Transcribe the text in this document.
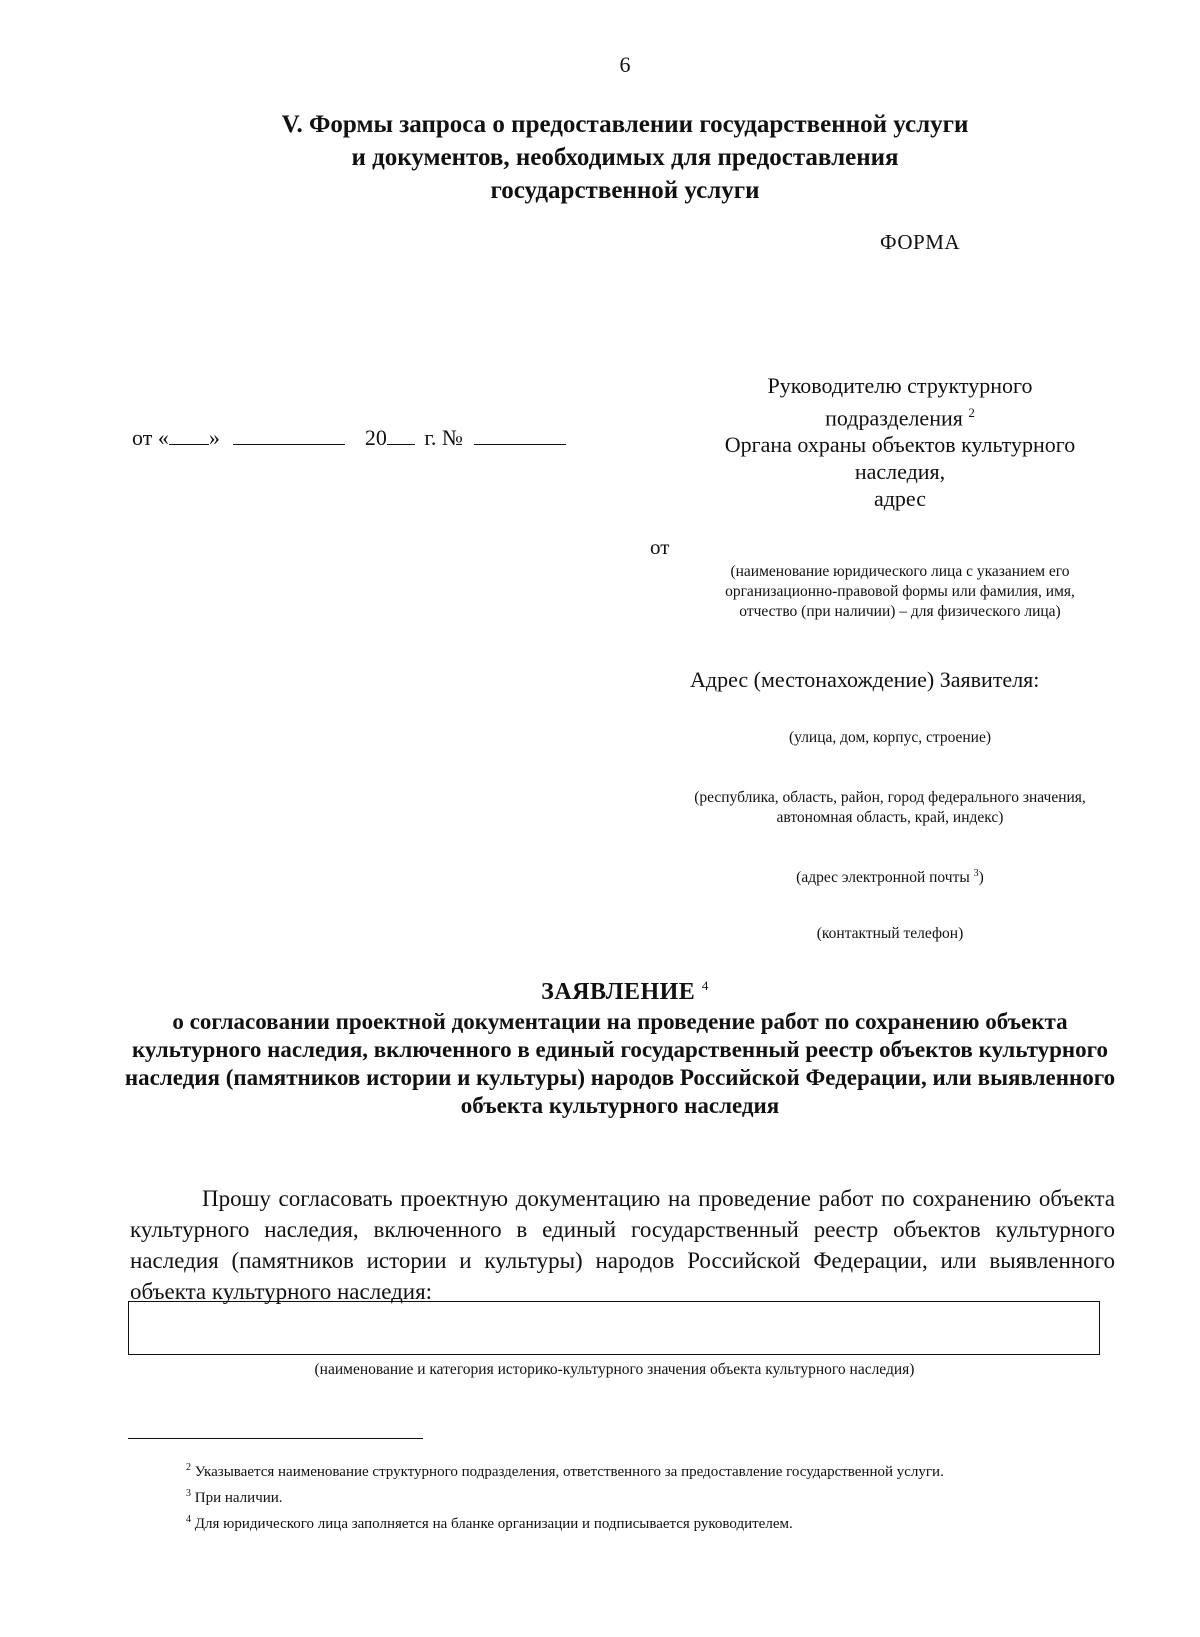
6
V. Формы запроса о предоставлении государственной услуги
и документов, необходимых для предоставления
государственной услуги
ФОРМА
Руководителю структурного
подразделения $^2$
Органа охраны объектов культурного
наследия,
адрес
от « »	20 г. №
от
(наименование юридического лица с указанием его организационно-правовой формы или фамилия, имя, отчество (при наличии) – для физического лица)
Адрес (местонахождение) Заявителя:
(улица, дом, корпус, строение)
(республика, область, район, город федерального значения, автономная область, край, индекс)
(адрес электронной почты $^3$)
(контактный телефон)
ЗАЯВЛЕНИЕ $^4$
о согласовании проектной документации на проведение работ по сохранению объекта культурного наследия, включенного в единый государственный реестр объектов культурного наследия (памятников истории и культуры) народов Российской Федерации, или выявленного объекта культурного наследия
Прошу согласовать проектную документацию на проведение работ по сохранению объекта культурного наследия, включенного в единый государственный реестр объектов культурного наследия (памятников истории и культуры) народов Российской Федерации, или выявленного объекта культурного наследия:
(наименование и категория историко-культурного значения объекта культурного наследия)
$^2$ Указывается наименование структурного подразделения, ответственного за предоставление государственной услуги.
$^3$ При наличии.
$^4$ Для юридического лица заполняется на бланке организации и подписывается руководителем.
